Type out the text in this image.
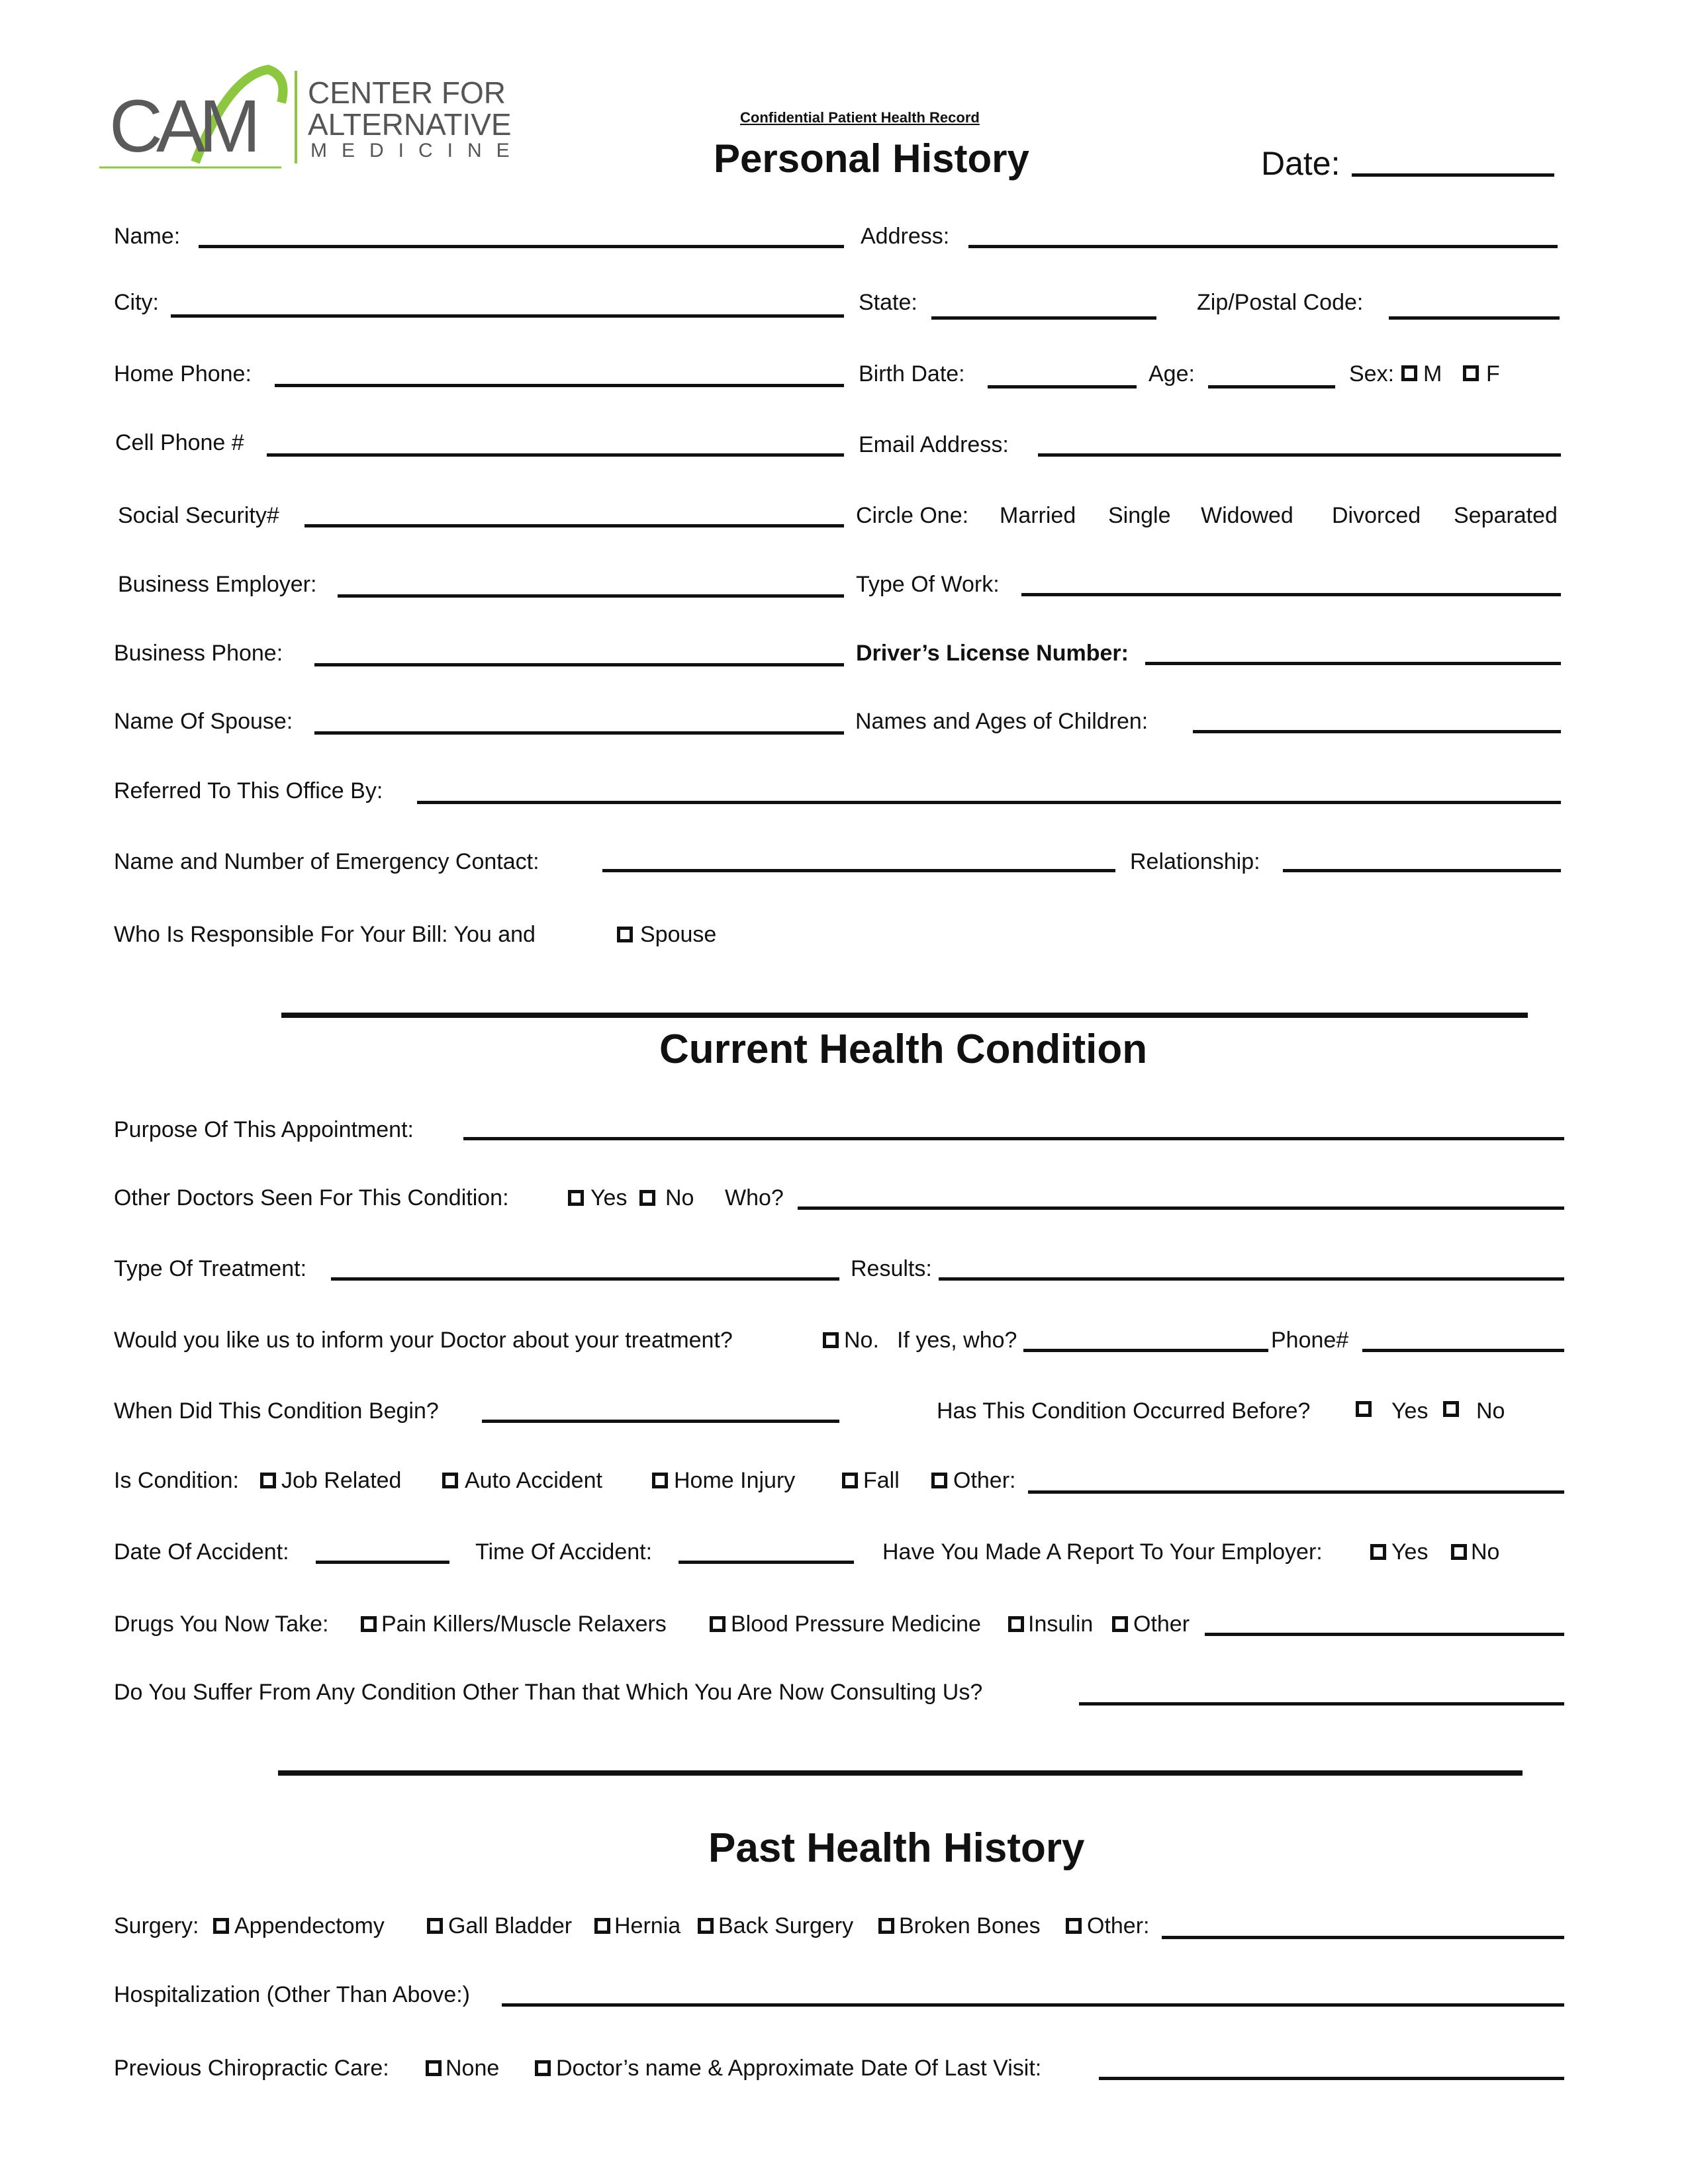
CAM CENTER FOR
ALTERNATIVE
MEDICINE
Confidential Patient Health Record
Personal History	Date:
Name:	Address:
City:	State:	Zip/Postal Code:
Home Phone:	Birth Date:	Age:	Sex: M F
Cell Phone #	Email Address:
Social Security#	Circle One: Married Single Widowed Divorced Separated
Business Employer:	Type Of Work:
Business Phone:	Driver’s License Number:
Name Of Spouse:	Names and Ages of Children:
Referred To This Office By:
Name and Number of Emergency Contact:	Relationship:
Who Is Responsible For Your Bill: You and	Spouse
Current Health Condition
Purpose Of This Appointment:
Other Doctors Seen For This Condition:	Yes No Who?
Type Of Treatment:	Results:
Would you like us to inform your Doctor about your treatment?	No. If yes, who?	Phone#
When Did This Condition Begin?	Has This Condition Occurred Before?	Yes No
Is Condition: Job Related	Auto Accident	Home Injury	Fall Other:
Date Of Accident:	Time Of Accident:	Have You Made A Report To Your Employer:	Yes No
Drugs You Now Take: Pain Killers/Muscle Relaxers	Blood Pressure Medicine Insulin Other
Do You Suffer From Any Condition Other Than that Which You Are Now Consulting Us?
Past Health History
Surgery: Appendectomy	Gall Bladder Hernia Back Surgery Broken Bones Other:
Hospitalization (Other Than Above:)
Previous Chiropractic Care:	None	Doctor’s name & Approximate Date Of Last Visit:
